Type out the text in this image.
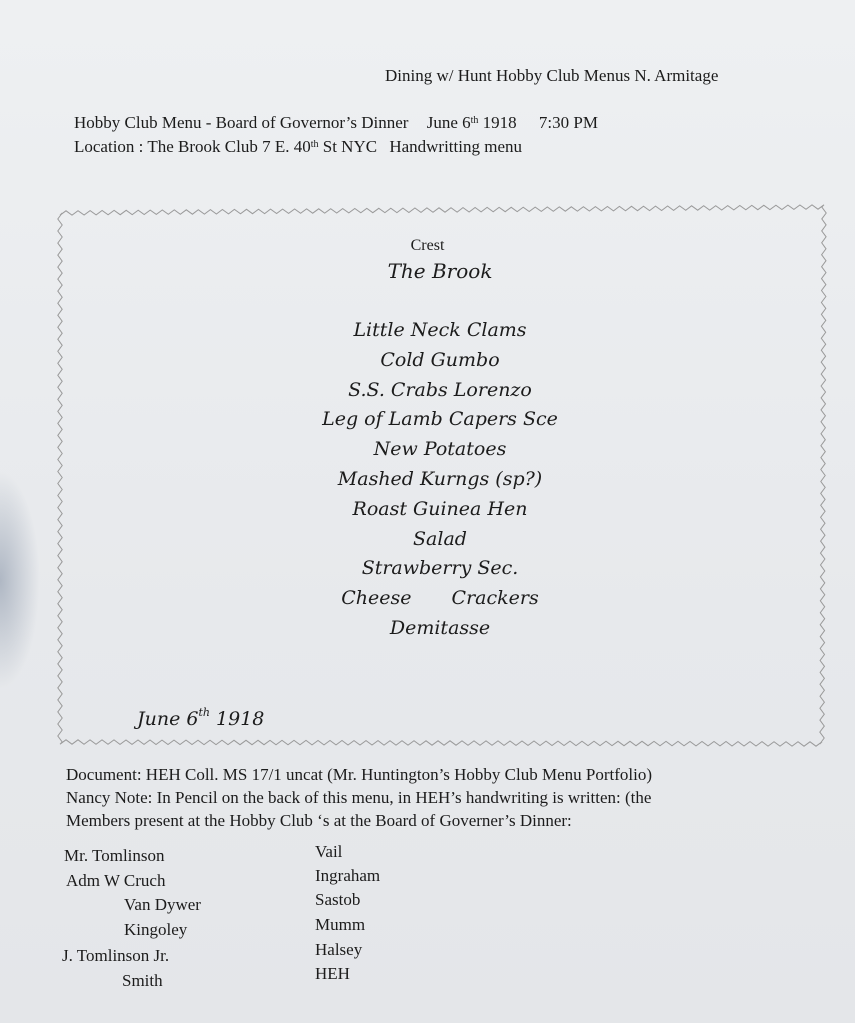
Dining w/ Hunt Hobby Club Menus N. Armitage
Hobby Club Menu - Board of Governor’s Dinner June 6th 1918 7:30 PM
Location : The Brook Club 7 E. 40th St NYC Handwritting menu
Crest
The Brook
Little Neck Clams
Cold Gumbo
S.S. Crabs Lorenzo
Leg of Lamb Capers Sce
New Potatoes
Mashed Kurngs (sp?)
Roast Guinea Hen
Salad
Strawberry Sec.
Cheese Crackers
Demitasse
June 6th 1918
Document: HEH Coll. MS 17/1 uncat (Mr. Huntington’s Hobby Club Menu Portfolio)
Nancy Note: In Pencil on the back of this menu, in HEH’s handwriting is written: (the
Members present at the Hobby Club ‘s at the Board of Governer’s Dinner:
Mr. Tomlinson
Adm W Cruch
Van Dywer
Kingoley
J. Tomlinson Jr.
Smith
Vail
Ingraham
Sastob
Mumm
Halsey
HEH
